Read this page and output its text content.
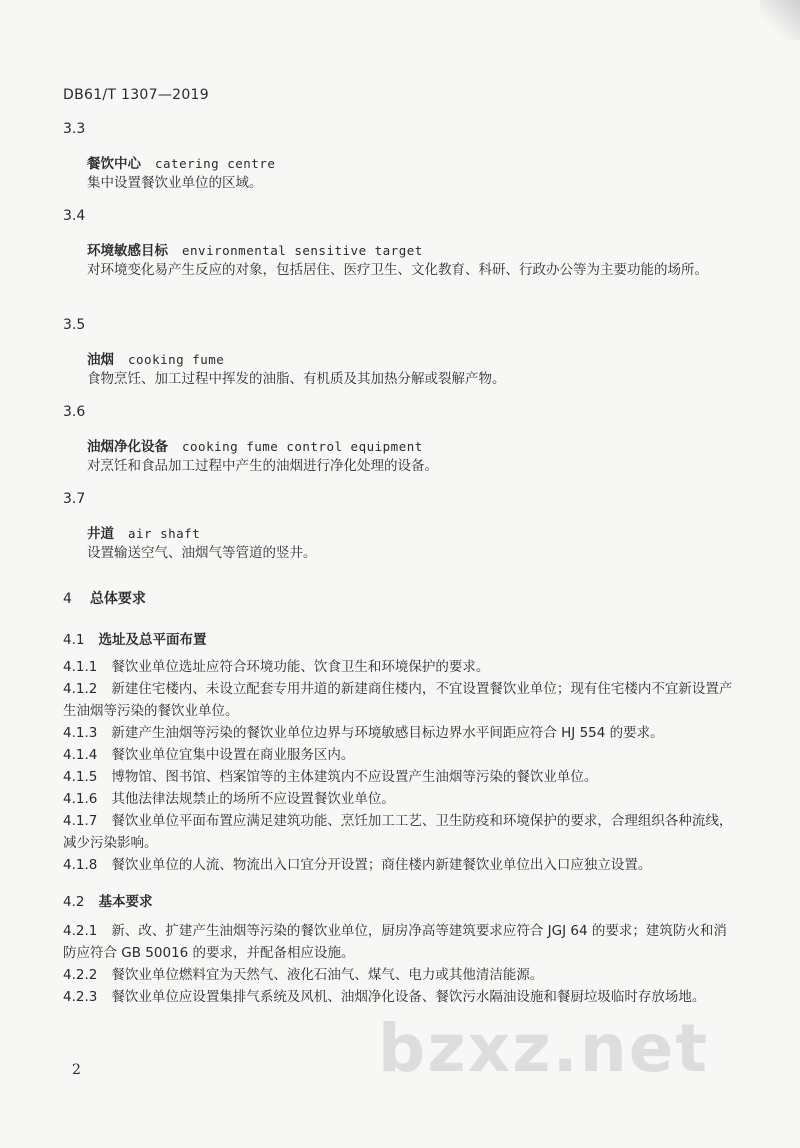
DB61/T 1307—2019
3.3
餐饮中心 catering centre
集中设置餐饮业单位的区域。
3.4
环境敏感目标 environmental sensitive target
对环境变化易产生反应的对象，包括居住、医疗卫生、文化教育、科研、行政办公等为主要功能的场所。
3.5
油烟 cooking fume
食物烹饪、加工过程中挥发的油脂、有机质及其加热分解或裂解产物。
3.6
油烟净化设备 cooking fume control equipment
对烹饪和食品加工过程中产生的油烟进行净化处理的设备。
3.7
井道 air shaft
设置输送空气、油烟气等管道的竖井。
4 总体要求
4.1 选址及总平面布置
4.1.1 餐饮业单位选址应符合环境功能、饮食卫生和环境保护的要求。
4.1.2 新建住宅楼内、未设立配套专用井道的新建商住楼内，不宜设置餐饮业单位；现有住宅楼内不宜新设置产生油烟等污染的餐饮业单位。
4.1.3 新建产生油烟等污染的餐饮业单位边界与环境敏感目标边界水平间距应符合 HJ 554 的要求。
4.1.4 餐饮业单位宜集中设置在商业服务区内。
4.1.5 博物馆、图书馆、档案馆等的主体建筑内不应设置产生油烟等污染的餐饮业单位。
4.1.6 其他法律法规禁止的场所不应设置餐饮业单位。
4.1.7 餐饮业单位平面布置应满足建筑功能、烹饪加工工艺、卫生防疫和环境保护的要求，合理组织各种流线，减少污染影响。
4.1.8 餐饮业单位的人流、物流出入口宜分开设置；商住楼内新建餐饮业单位出入口应独立设置。
4.2 基本要求
4.2.1 新、改、扩建产生油烟等污染的餐饮业单位，厨房净高等建筑要求应符合 JGJ 64 的要求；建筑防火和消防应符合 GB 50016 的要求，并配备相应设施。
4.2.2 餐饮业单位燃料宜为天然气、液化石油气、煤气、电力或其他清洁能源。
4.2.3 餐饮业单位应设置集排气系统及风机、油烟净化设备、餐饮污水隔油设施和餐厨垃圾临时存放场地。
2	bzxz.net
